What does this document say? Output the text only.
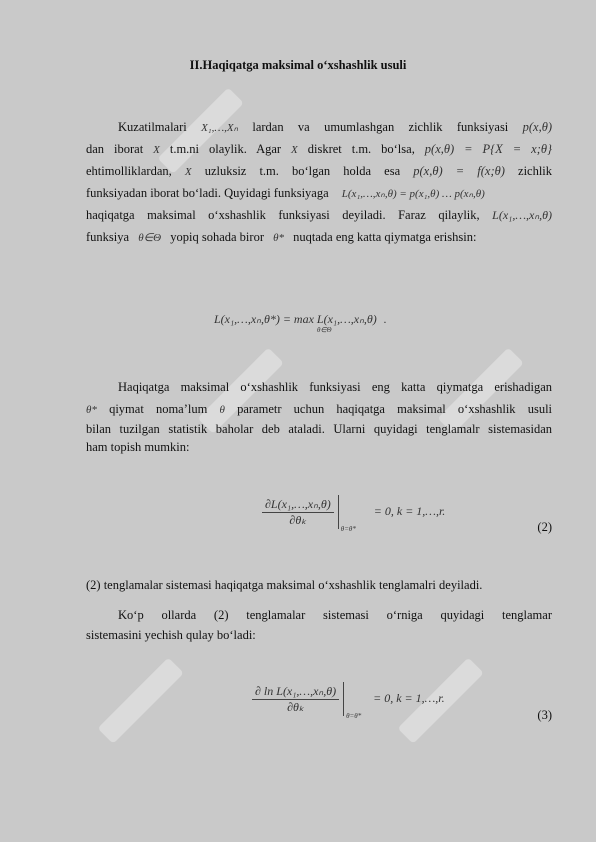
II.Haqiqatga maksimal o‘xshashlik usuli
Kuzatilmalari X₁,…,Xₙ lardan va umumlashgan zichlik funksiyasi p(x,θ)
dan iborat X t.m.ni olaylik. Agar X diskret t.m. bo‘lsa, p(x,θ) = P{X = x;θ}
ehtimolliklardan, X uzluksiz t.m. bo‘lgan holda esa p(x,θ) = f(x;θ) zichlik
funksiyadan iborat bo‘ladi. Quyidagi funksiyaga L(x₁,…,xₙ,θ) = p(x₁,θ) … p(xₙ,θ)
haqiqatga maksimal o‘xshashlik funksiyasi deyiladi. Faraz qilaylik, L(x₁,…,xₙ,θ)
funksiya θ∈Θ yopiq sohada biror θ* nuqtada eng katta qiymatga erishsin:
L(x₁,…,xₙ,θ*) = max L(x₁,…,xₙ,θ)
θ∈Θ
.
Haqiqatga maksimal o‘xshashlik funksiyasi eng katta qiymatga erishadigan
θ* qiymat noma’lum θ parametr uchun haqiqatga maksimal o‘xshashlik usuli
bilan tuzilgan statistik baholar deb ataladi. Ularni quyidagi tenglamalr sistemasidan
ham topish mumkin:
$\frac{\text{∂L(x₁,…,xₙ,θ)}}{\text{∂θₖ}}$
θ=θ*
= 0, k = 1,…,r.
(2)
(2) tenglamalar sistemasi haqiqatga maksimal o‘xshashlik tenglamalri deyiladi.
Ko‘p ollarda (2) tenglamalar sistemasi o‘rniga quyidagi tenglamar
sistemasini yechish qulay bo‘ladi:
$\frac{\text{∂ ln L(x₁,…,xₙ,θ)}}{\text{∂θₖ}}$
θ=θ*
= 0, k = 1,…,r.
(3)
